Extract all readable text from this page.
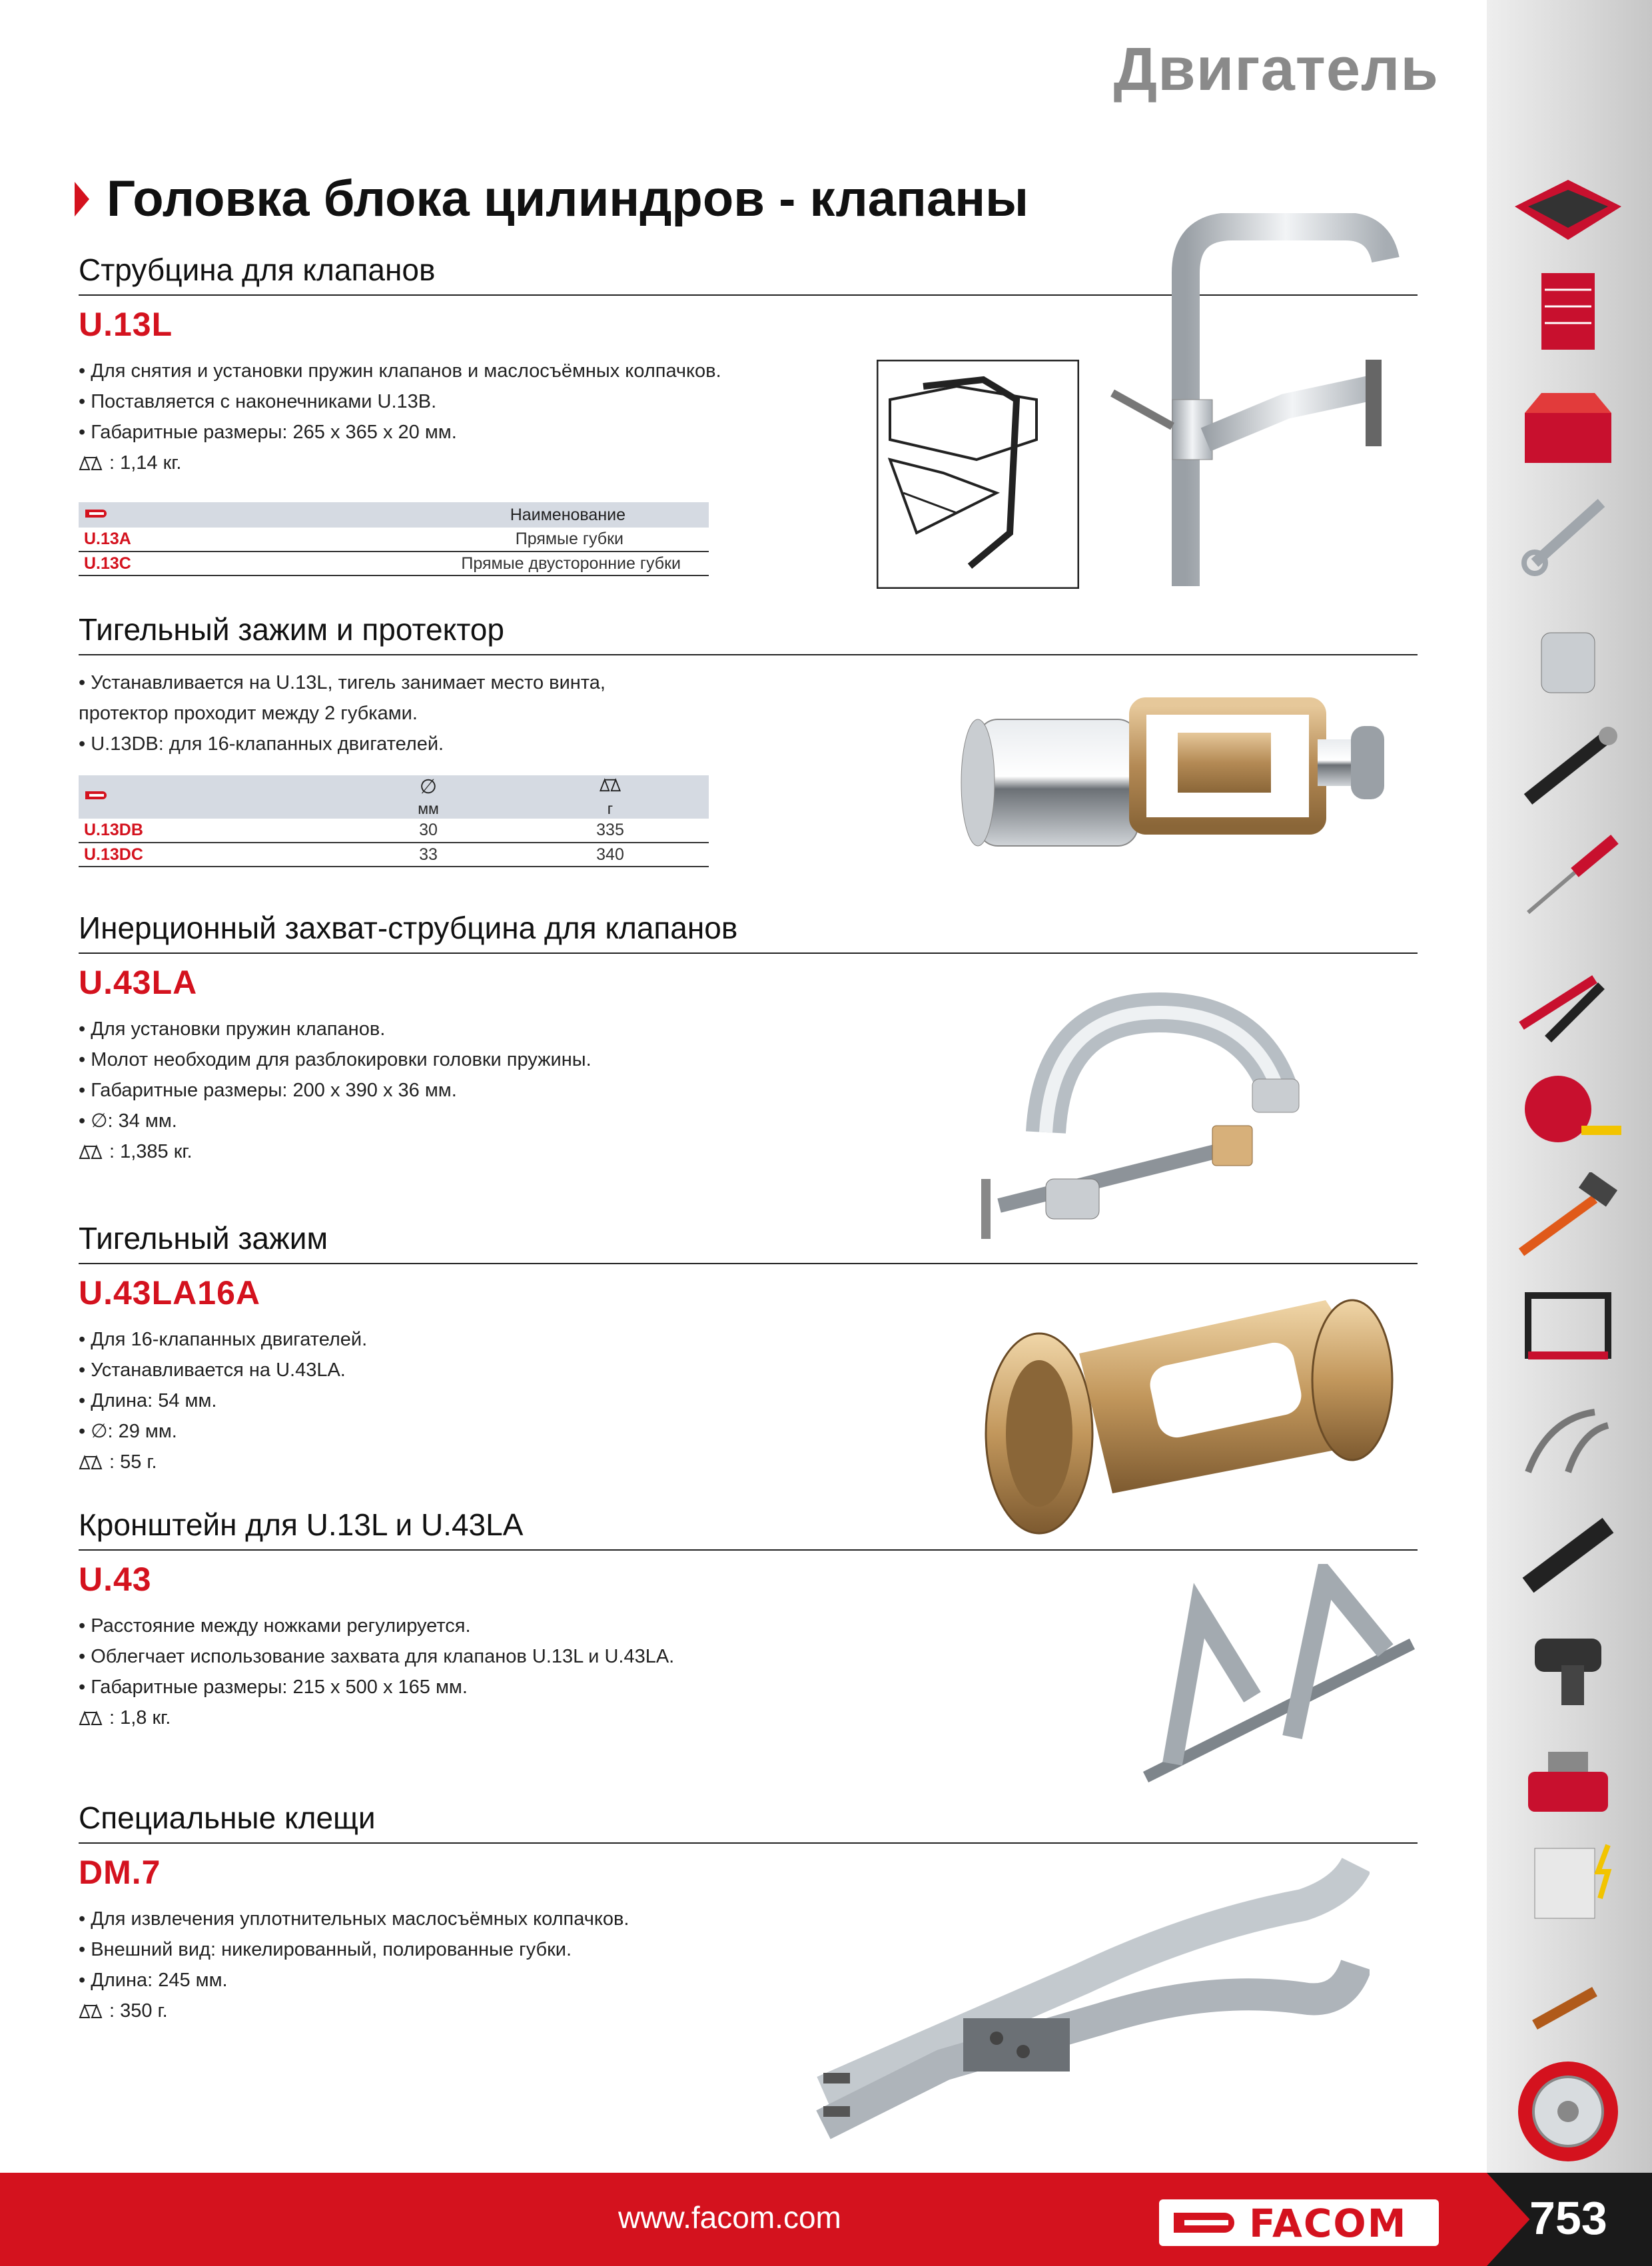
Двигатель
Головка блока цилиндров - клапаны
Струбцина для клапанов
U.13L
• Для снятия и установки пружин клапанов и маслосъёмных колпачков.
• Поставляется с наконечниками U.13B.
• Габаритные размеры: 265 x 365 x 20 мм.
: 1,14 кг.
	Наименование
U.13A	Прямые губки
U.13C	Прямые двусторонние губки
Тигельный зажим и протектор
• Устанавливается на U.13L, тигель занимает место винта,
протектор проходит между 2 губками.
• U.13DB: для 16-клапанных двигателей.
	∅	
	мм	г
U.13DB	30	335
U.13DC	33	340
Инерционный захват-струбцина для клапанов
U.43LA
• Для установки пружин клапанов.
• Молот необходим для разблокировки головки пружины.
• Габаритные размеры: 200 x 390 x 36 мм.
• ∅: 34 мм.
: 1,385 кг.
Тигельный зажим
U.43LA16A
• Для 16-клапанных двигателей.
• Устанавливается на U.43LA.
• Длина: 54 мм.
• ∅: 29 мм.
: 55 г.
Кронштейн для U.13L и U.43LA
U.43
• Расстояние между ножками регулируется.
• Облегчает использование захвата для клапанов U.13L и U.43LA.
• Габаритные размеры: 215 x 500 x 165 мм.
: 1,8 кг.
Специальные клещи
DM.7
• Для извлечения уплотнительных маслосъёмных колпачков.
• Внешний вид: никелированный, полированные губки.
• Длина: 245 мм.
: 350 г.
www.facom.com	FACOM	753
